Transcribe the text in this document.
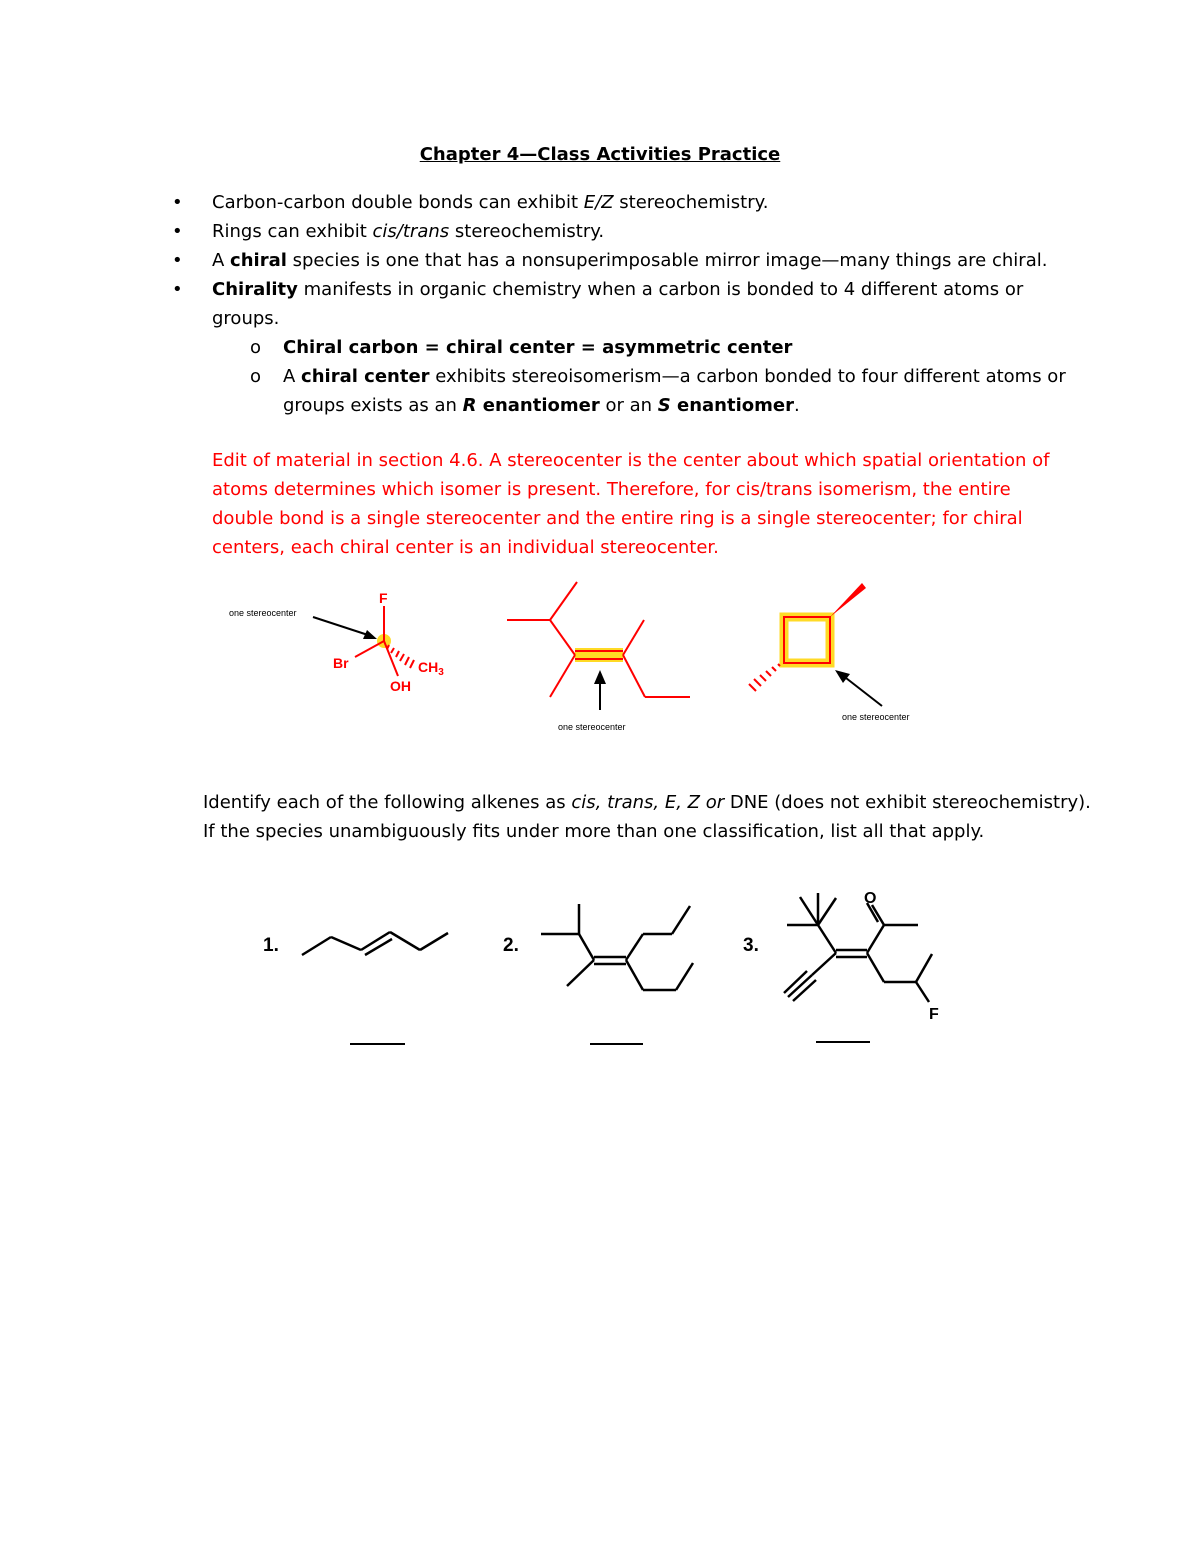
Chapter 4—Class Activities Practice
• Carbon-carbon double bonds can exhibit E/Z stereochemistry.
• Rings can exhibit cis/trans stereochemistry.
• A chiral species is one that has a nonsuperimposable mirror image—many things are chiral.
• Chirality manifests in organic chemistry when a carbon is bonded to 4 different atoms or groups.
o Chiral carbon = chiral center = asymmetric center
o A chiral center exhibits stereoisomerism—a carbon bonded to four different atoms or groups exists as an R enantiomer or an S enantiomer.
Edit of material in section 4.6. A stereocenter is the center about which spatial orientation of atoms determines which isomer is present. Therefore, for cis/trans isomerism, the entire double bond is a single stereocenter and the entire ring is a single stereocenter; for chiral centers, each chiral center is an individual stereocenter.
F
Br	$CH_3$
OH
one stereocenter
one stereocenter
one stereocenter
Identify each of the following alkenes as cis, trans, E, Z or DNE (does not exhibit stereochemistry). If the species unambiguously fits under more than one classification, list all that apply.
1.	2.	3.
O
F
